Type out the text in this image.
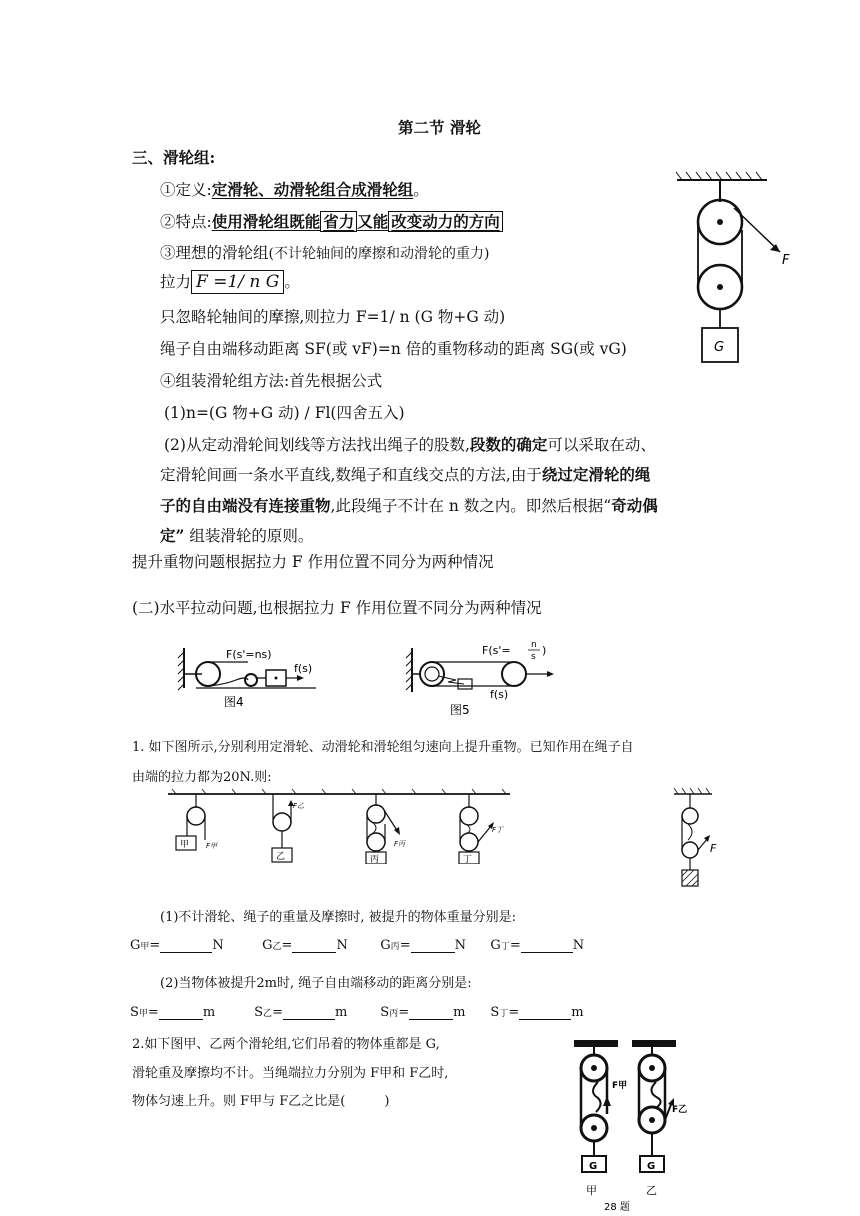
第二节 滑轮
三、滑轮组:
①定义:定滑轮、动滑轮组合成滑轮组。
②特点:使用滑轮组既能 省力 又能 改变动力的方向
③理想的滑轮组(不计轮轴间的摩擦和动滑轮的重力)
拉力 F =1/ n G 。
只忽略轮轴间的摩擦,则拉力 F=1/ n (G 物+G 动)
绳子自由端移动距离 SF(或 vF)=n 倍的重物移动的距离 SG(或 vG)
④组装滑轮组方法:首先根据公式
(1)n=(G 物+G 动) / Fl(四舍五入)
(2)从定动滑轮间划线等方法找出绳子的股数,段数的确定可以采取在动、
定滑轮间画一条水平直线,数绳子和直线交点的方法,由于绕过定滑轮的绳
子的自由端没有连接重物,此段绳子不计在 n 数之内。即然后根据“奇动偶
定” 组装滑轮的原则。
提升重物问题根据拉力 F 作用位置不同分为两种情况
(二)水平拉动问题,也根据拉力 F 作用位置不同分为两种情况
F
G
F(s'=ns)
f(s)
图4
F(s'= n
s )
f(s)
图5
1. 如下图所示,分别利用定滑轮、动滑轮和滑轮组匀速向上提升重物。已知作用在绳子自
由端的拉力都为20N.则:
甲 F甲
乙
F乙
丙
F丙
丁
F丁
F
(1)不计滑轮、绳子的重量及摩擦时, 被提升的物体重量分别是:
G甲=	N	G乙=	N G丙=	N G丁=	N
(2)当物体被提升2m时, 绳子自由端移动的距离分别是:
S甲=	m	S乙=	m	S丙=	m S丁=	m
2.如下图甲、乙两个滑轮组,它们吊着的物体重都是 G,
滑轮重及摩擦均不计。当绳端拉力分别为 F甲和 F乙时,
物体匀速上升。则 F甲与 F乙之比是(　　　)
G
F甲
甲
G
F乙
乙
28 题
